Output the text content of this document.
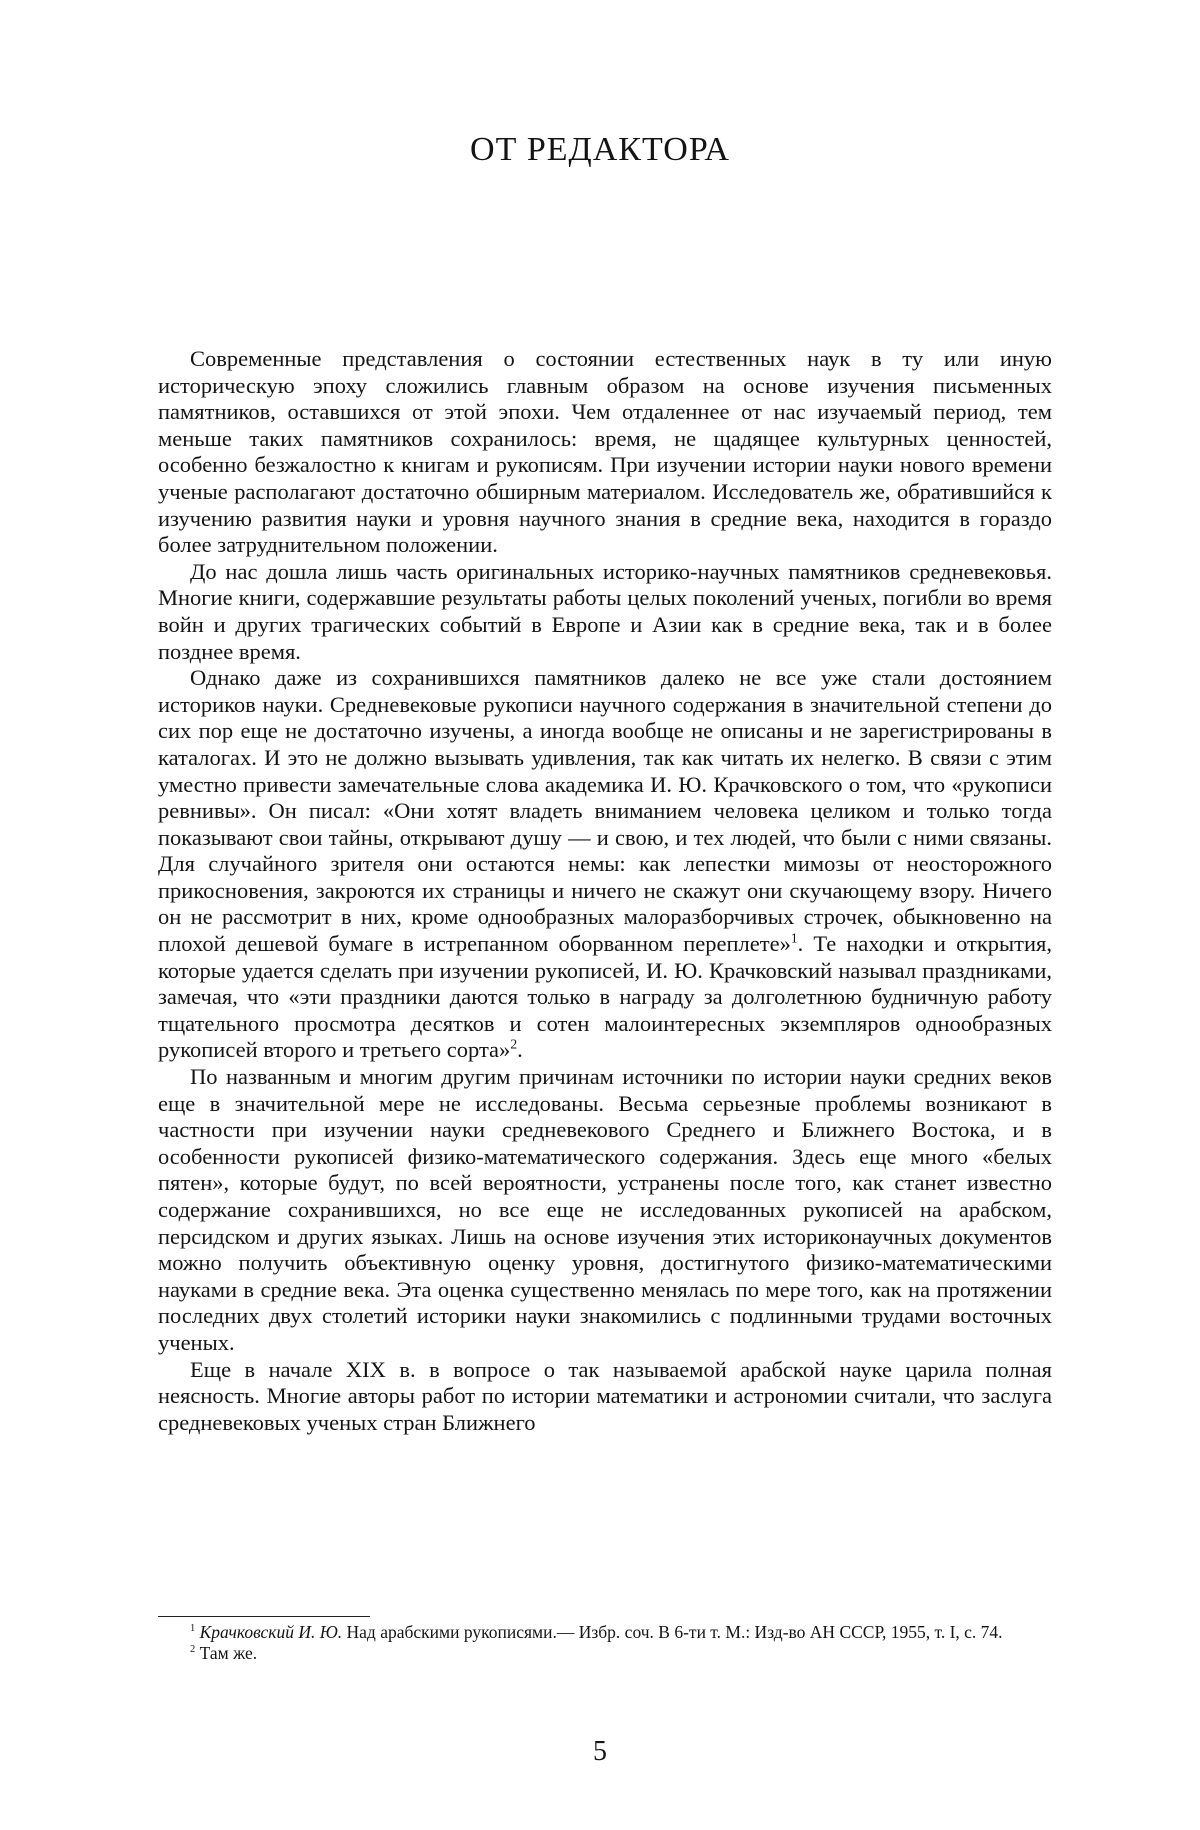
ОТ РЕДАКТОРА

Современные представления о состоянии естественных наук в ту или иную историческую эпоху сложились главным образом на основе изучения письменных памятников, оставшихся от этой эпохи. Чем отдаленнее от нас изучаемый период, тем меньше таких памятников сохранилось: время, не щадящее культурных ценностей, особенно безжалостно к книгам и рукописям. При изучении истории науки нового времени ученые располагают достаточно обширным материалом. Исследователь же, обратившийся к изучению развития науки и уровня научного знания в средние века, находится в гораздо более затруднительном положении.

До нас дошла лишь часть оригинальных историко-научных памятников средневековья. Многие книги, содержавшие результаты работы целых поколений ученых, погибли во время войн и других трагических событий в Европе и Азии как в средние века, так и в более позднее время.

Однако даже из сохранившихся памятников далеко не все уже стали достоянием историков науки. Средневековые рукописи научного содержания в значительной степени до сих пор еще не достаточно изучены, а иногда вообще не описаны и не зарегистрированы в каталогах. И это не должно вызывать удивления, так как читать их нелегко. В связи с этим уместно привести замечательные слова академика И. Ю. Крачковского о том, что «рукописи ревнивы». Он писал: «Они хотят владеть вниманием человека целиком и только тогда показывают свои тайны, открывают душу — и свою, и тех людей, что были с ними связаны. Для случайного зрителя они остаются немы: как лепестки мимозы от неосторожного прикосновения, закроются их страницы и ничего не скажут они скучающему взору. Ничего он не рассмотрит в них, кроме однообразных малоразборчивых строчек, обыкновенно на плохой дешевой бумаге в истрепанном оборванном переплете»$^1$. Те находки и открытия, которые удается сделать при изучении рукописей, И. Ю. Крачковский называл праздниками, замечая, что «эти праздники даются только в награду за долголетнюю будничную работу тщательного просмотра десятков и сотен малоинтересных экземпляров однообразных рукописей второго и третьего сорта»$^2$.

По названным и многим другим причинам источники по истории науки средних веков еще в значительной мере не исследованы. Весьма серьезные проблемы возникают в частности при изучении науки средневекового Среднего и Ближнего Востока, и в особенности рукописей физико-математического содержания. Здесь еще много «белых пятен», которые будут, по всей вероятности, устранены после того, как станет известно содержание сохранившихся, но все еще не исследованных рукописей на арабском, персидском и других языках. Лишь на основе изучения этих историконаучных документов можно получить объективную оценку уровня, достигнутого физико-математическими науками в средние века. Эта оценка существенно менялась по мере того, как на протяжении последних двух столетий историки науки знакомились с подлинными трудами восточных ученых.

Еще в начале XIX в. в вопросе о так называемой арабской науке царила полная неясность. Многие авторы работ по истории математики и астрономии считали, что заслуга средневековых ученых стран Ближнего

$^1$ Крачковский И. Ю. Над арабскими рукописями.— Избр. соч. В 6-ти т. М.: Изд-во АН СССР, 1955, т. I, с. 74.

$^2$ Там же.

5
